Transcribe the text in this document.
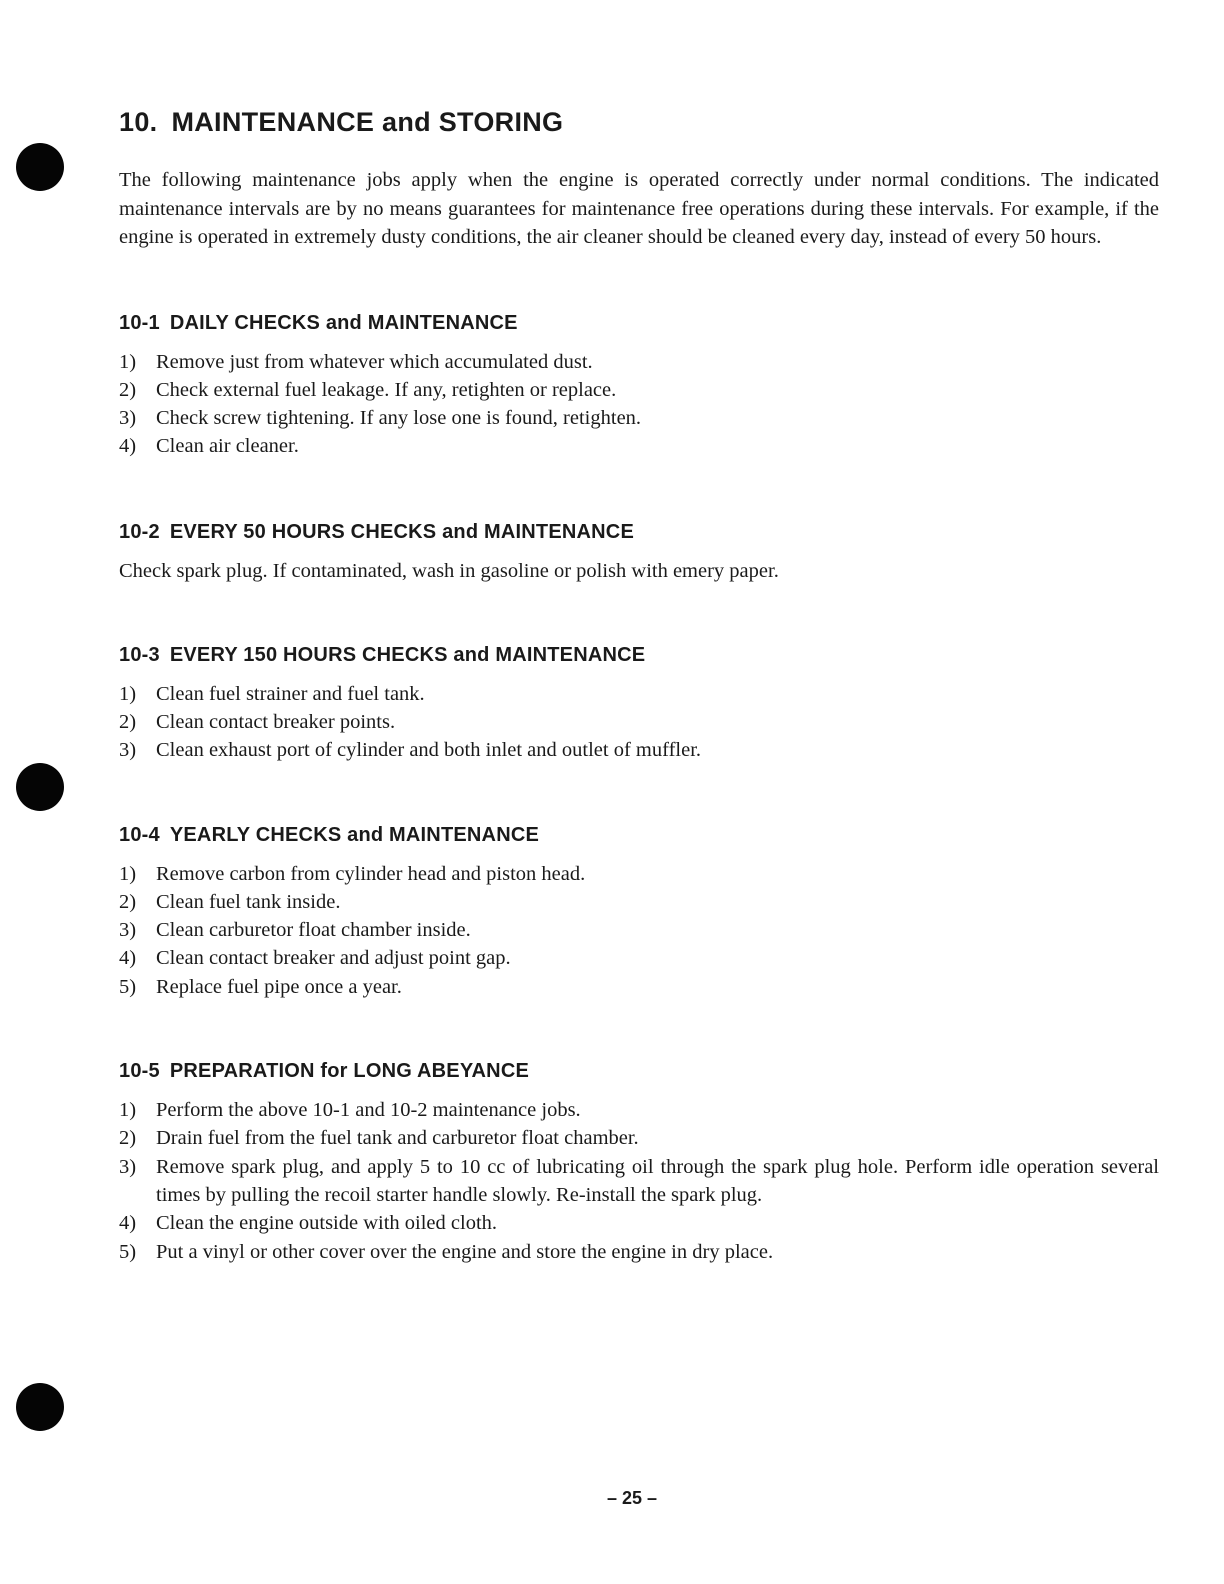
10. MAINTENANCE and STORING

The following maintenance jobs apply when the engine is operated correctly under normal conditions. The indicated maintenance intervals are by no means guarantees for maintenance free operations during these intervals. For example, if the engine is operated in extremely dusty conditions, the air cleaner should be cleaned every day, instead of every 50 hours.

10-1 DAILY CHECKS and MAINTENANCE
1) Remove just from whatever which accumulated dust.
2) Check external fuel leakage. If any, retighten or replace.
3) Check screw tightening. If any lose one is found, retighten.
4) Clean air cleaner.
10-2 EVERY 50 HOURS CHECKS and MAINTENANCE

Check spark plug. If contaminated, wash in gasoline or polish with emery paper.

10-3 EVERY 150 HOURS CHECKS and MAINTENANCE
1) Clean fuel strainer and fuel tank.
2) Clean contact breaker points.
3) Clean exhaust port of cylinder and both inlet and outlet of muffler.
10-4 YEARLY CHECKS and MAINTENANCE
1) Remove carbon from cylinder head and piston head.
2) Clean fuel tank inside.
3) Clean carburetor float chamber inside.
4) Clean contact breaker and adjust point gap.
5) Replace fuel pipe once a year.
10-5 PREPARATION for LONG ABEYANCE
1) Perform the above 10-1 and 10-2 maintenance jobs.
2) Drain fuel from the fuel tank and carburetor float chamber.
3) Remove spark plug, and apply 5 to 10 cc of lubricating oil through the spark plug hole. Perform idle operation several times by pulling the recoil starter handle slowly. Re-install the spark plug.
4) Clean the engine outside with oiled cloth.
5) Put a vinyl or other cover over the engine and store the engine in dry place.
– 25 –
